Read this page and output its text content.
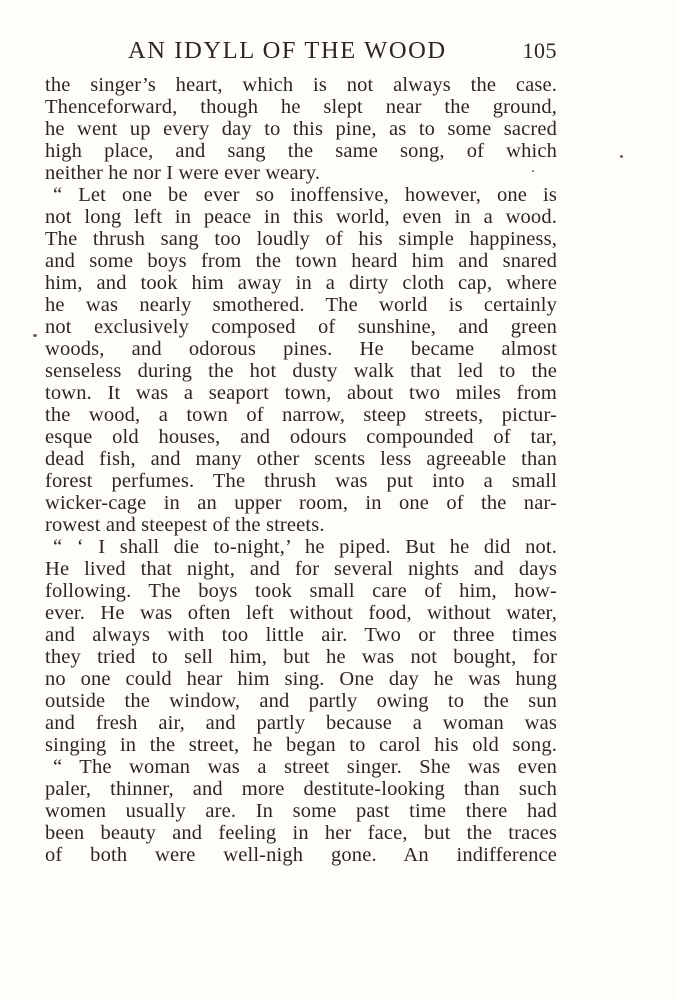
AN IDYLL OF THE WOOD	105
the singer’s heart, which is not always the case.
Thenceforward, though he slept near the ground,
he went up every day to this pine, as to some sacred
high place, and sang the same song, of which
neither he nor I were ever weary.
“ Let one be ever so inoffensive, however, one is
not long left in peace in this world, even in a wood.
The thrush sang too loudly of his simple happiness,
and some boys from the town heard him and snared
him, and took him away in a dirty cloth cap, where
he was nearly smothered. The world is certainly
not exclusively composed of sunshine, and green
woods, and odorous pines. He became almost
senseless during the hot dusty walk that led to the
town. It was a seaport town, about two miles from
the wood, a town of narrow, steep streets, pictur-
esque old houses, and odours compounded of tar,
dead fish, and many other scents less agreeable than
forest perfumes. The thrush was put into a small
wicker-cage in an upper room, in one of the nar-
rowest and steepest of the streets.
“ ‘ I shall die to-night,’ he piped. But he did not.
He lived that night, and for several nights and days
following. The boys took small care of him, how-
ever. He was often left without food, without water,
and always with too little air. Two or three times
they tried to sell him, but he was not bought, for
no one could hear him sing. One day he was hung
outside the window, and partly owing to the sun
and fresh air, and partly because a woman was
singing in the street, he began to carol his old song.
“ The woman was a street singer. She was even
paler, thinner, and more destitute-looking than such
women usually are. In some past time there had
been beauty and feeling in her face, but the traces
of both were well-nigh gone. An indifference
